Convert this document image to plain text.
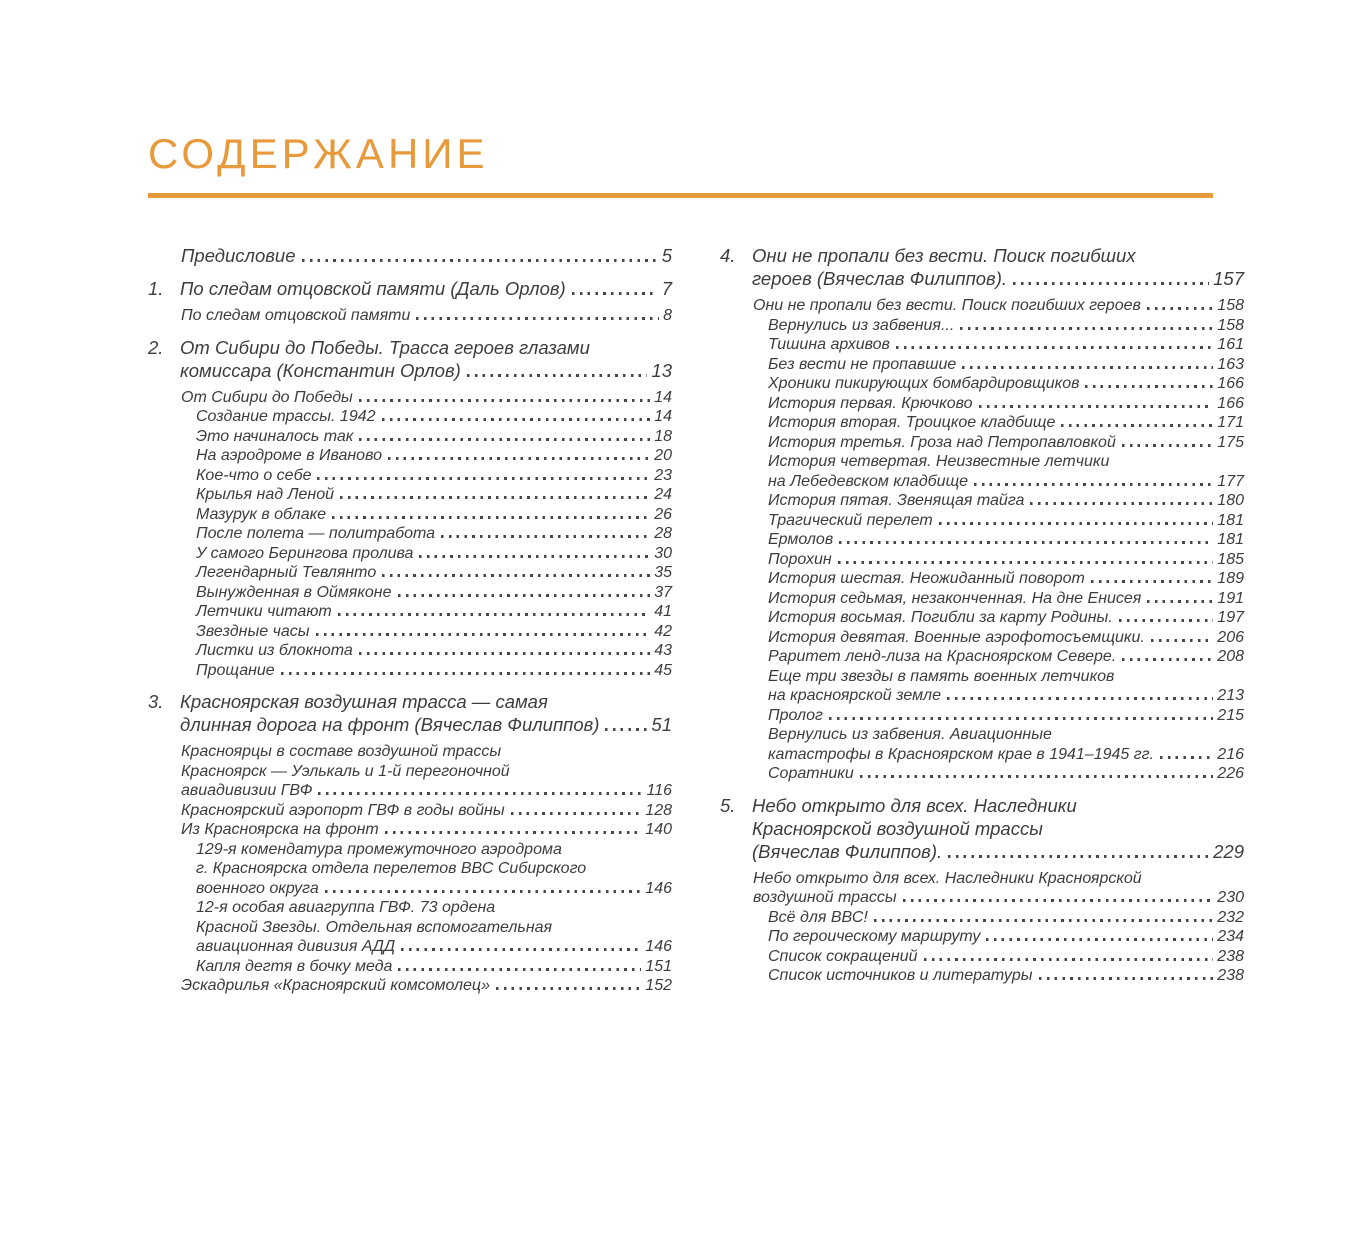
СОДЕРЖАНИЕ
Предисловие	5
1. По следам отцовской памяти (Даль Орлов)	7
По следам отцовской памяти	8
2. От Сибири до Победы. Трасса героев глазами
комиссара (Константин Орлов)	13
От Сибири до Победы	14
Создание трассы. 1942	14
Это начиналось так	18
На аэродроме в Иваново	20
Кое-что о себе	23
Крылья над Леной	24
Мазурук в облаке	26
После полета — политработа	28
У самого Берингова пролива	30
Легендарный Тевлянто	35
Вынужденная в Оймяконе	37
Летчики читают	41
Звездные часы	42
Листки из блокнота	43
Прощание	45
3. Красноярская воздушная трасса — самая
длинная дорога на фронт (Вячеслав Филиппов)	51
Красноярцы в составе воздушной трассы
Красноярск — Уэлькаль и 1-й перегоночной
авиадивизии ГВФ	116
Красноярский аэропорт ГВФ в годы войны	128
Из Красноярска на фронт	140
129-я комендатура промежуточного аэродрома
г. Красноярска отдела перелетов ВВС Сибирского
военного округа	146
12-я особая авиагруппа ГВФ. 73 ордена
Красной Звезды. Отдельная вспомогательная
авиационная дивизия АДД	146
Капля дегтя в бочку меда	151
Эскадрилья «Красноярский комсомолец»	152
4. Они не пропали без вести. Поиск погибших
героев (Вячеслав Филиппов).	157
Они не пропали без вести. Поиск погибших героев	158
Вернулись из забвения...	158
Тишина архивов	161
Без вести не пропавшие	163
Хроники пикирующих бомбардировщиков	166
История первая. Крючково	166
История вторая. Троицкое кладбище	171
История третья. Гроза над Петропавловкой	175
История четвертая. Неизвестные летчики
на Лебедевском кладбище	177
История пятая. Звенящая тайга	180
Трагический перелет	181
Ермолов	181
Порохин	185
История шестая. Неожиданный поворот	189
История седьмая, незаконченная. На дне Енисея	191
История восьмая. Погибли за карту Родины.	197
История девятая. Военные аэрофотосъемщики.	206
Раритет ленд-лиза на Красноярском Севере.	208
Еще три звезды в память военных летчиков
на красноярской земле	213
Пролог	215
Вернулись из забвения. Авиационные
катастрофы в Красноярском крае в 1941–1945 гг.	216
Соратники	226
5. Небо открыто для всех. Наследники
Красноярской воздушной трассы
(Вячеслав Филиппов).	229
Небо открыто для всех. Наследники Красноярской
воздушной трассы	230
Всё для ВВС!	232
По героическому маршруту	234
Список сокращений	238
Список источников и литературы	238
